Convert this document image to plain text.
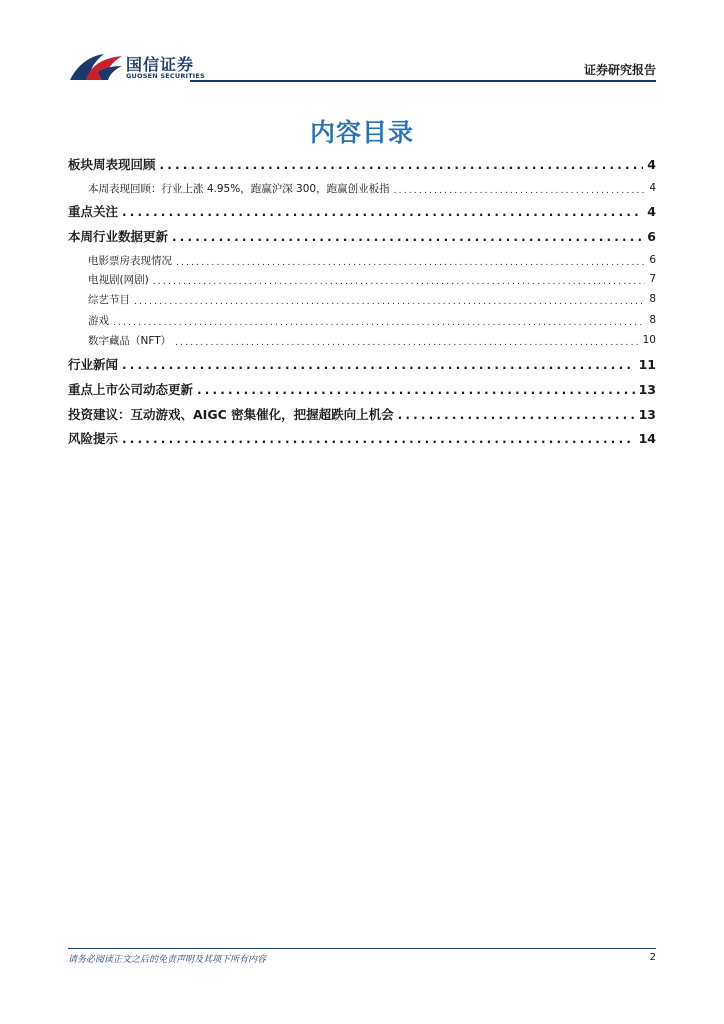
国信证券
GUOSEN SECURITIES	证券研究报告
内容目录
板块周表现回顾 .....	4
本周表现回顾：行业上涨 4.95%，跑赢沪深 300，跑赢创业板指 .....	4
重点关注 .....	4
本周行业数据更新 .....	6
电影票房表现情况 .....	6
电视剧(网剧) .....	7
综艺节目 .....	8
游戏 .....	8
数字藏品（NFT） .....	10
行业新闻 .....	11
重点上市公司动态更新 .....	13
投资建议：互动游戏、AIGC 密集催化，把握超跌向上机会 .....	13
风险提示 .....	14
请务必阅读正文之后的免责声明及其项下所有内容	2
